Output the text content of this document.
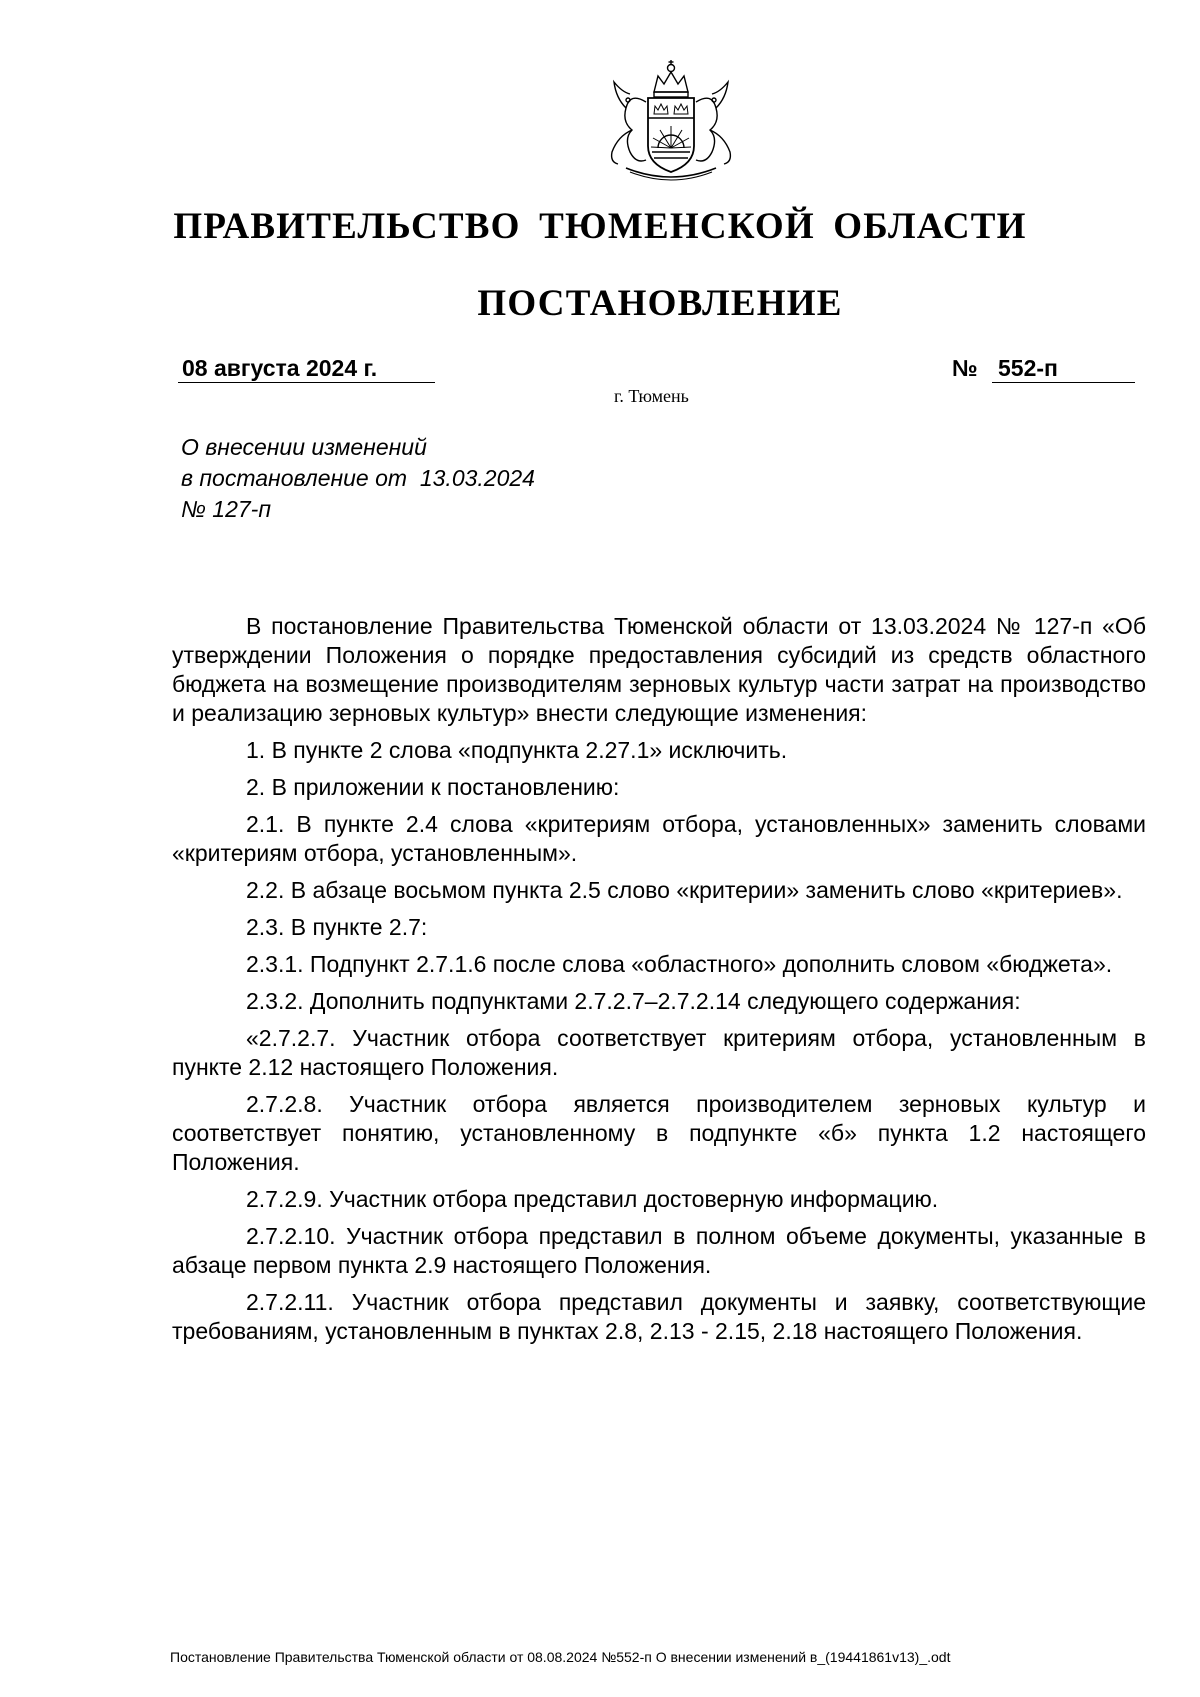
ПРАВИТЕЛЬСТВО ТЮМЕНСКОЙ ОБЛАСТИ
ПОСТАНОВЛЕНИЕ
08 августа 2024 г.	№ 552-п
г. Тюмень
О внесении изменений
в постановление от  13.03.2024
№ 127-п

В постановление Правительства Тюменской области от 13.03.2024 № 127-п «Об утверждении Положения о порядке предоставления субсидий из средств областного бюджета на возмещение производителям зерновых культур части затрат на производство и реализацию зерновых культур» внести следующие изменения:

1. В пункте 2 слова «подпункта 2.27.1» исключить.

2. В приложении к постановлению:

2.1. В пункте 2.4 слова «критериям отбора, установленных» заменить словами «критериям отбора, установленным».

2.2. В абзаце восьмом пункта 2.5 слово «критерии» заменить слово «критериев».

2.3. В пункте 2.7:

2.3.1. Подпункт 2.7.1.6 после слова «областного» дополнить словом «бюджета».

2.3.2. Дополнить подпунктами 2.7.2.7–2.7.2.14 следующего содержания:

«2.7.2.7. Участник отбора соответствует критериям отбора, установленным в пункте 2.12 настоящего Положения.

2.7.2.8. Участник отбора является производителем зерновых культур и соответствует понятию, установленному в подпункте «б» пункта 1.2 настоящего Положения.

2.7.2.9. Участник отбора представил достоверную информацию.

2.7.2.10. Участник отбора представил в полном объеме документы, указанные в абзаце первом пункта 2.9 настоящего Положения.

2.7.2.11. Участник отбора представил документы и заявку, соответствующие требованиям, установленным в пунктах 2.8, 2.13 - 2.15, 2.18 настоящего Положения.

Постановление Правительства Тюменской области от 08.08.2024 №552-п О внесении изменений в_(19441861v13)_.odt
